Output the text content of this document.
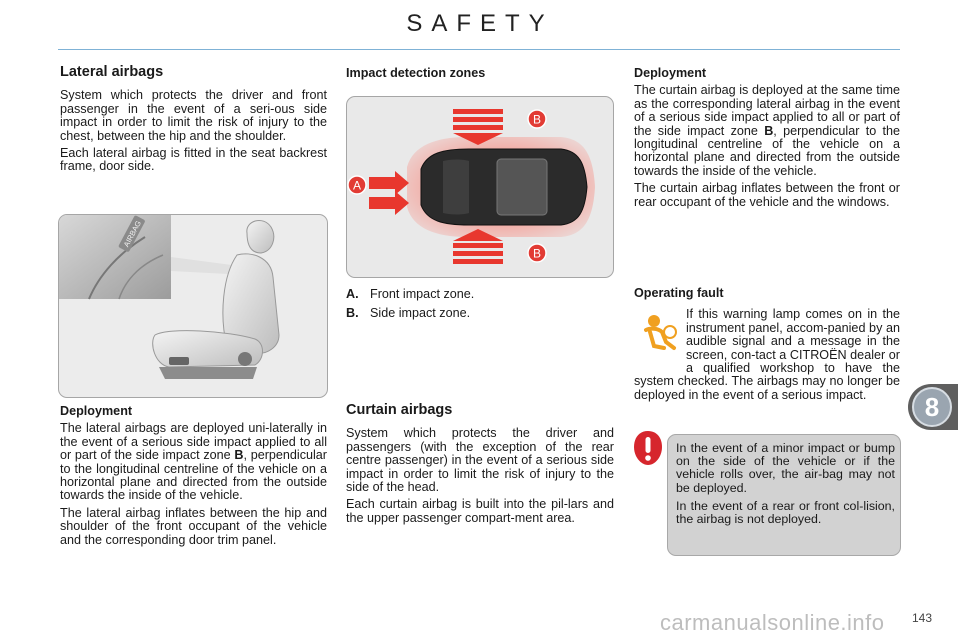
SAFETY
Lateral airbags

System which protects the driver and front passenger in the event of a seri-ous side impact in order to limit the risk of injury to the chest, between the hip and the shoulder.

Each lateral airbag is fitted in the seat backrest frame, door side.

AIRBAG
Deployment

The lateral airbags are deployed uni-laterally in the event of a serious side impact applied to all or part of the side impact zone B, perpendicular to the longitudinal centreline of the vehicle on a horizontal plane and directed from the outside towards the inside of the vehicle.

The lateral airbag inflates between the hip and shoulder of the front occupant of the vehicle and the corresponding door trim panel.

Impact detection zones
A
B
B
A. Front impact zone.
B. Side impact zone.
Curtain airbags

System which protects the driver and passengers (with the exception of the rear centre passenger) in the event of a serious side impact in order to limit the risk of injury to the side of the head.

Each curtain airbag is built into the pil-lars and the upper passenger compart-ment area.

Deployment

The curtain airbag is deployed at the same time as the corresponding lateral airbag in the event of a serious side impact applied to all or part of the side impact zone B, perpendicular to the longitudinal centreline of the vehicle on a horizontal plane and directed from the outside towards the inside of the vehicle.

The curtain airbag inflates between the front or rear occupant of the vehicle and the windows.

Operating fault

If this warning lamp comes on in the instrument panel, accom-panied by an audible signal and a message in the screen, con-tact a CITROËN dealer or a qualified workshop to have the system checked. The airbags may no longer be deployed in the event of a serious impact.

In the event of a minor impact or bump on the side of the vehicle or if the vehicle rolls over, the air-bag may not be deployed.

In the event of a rear or front col-lision, the airbag is not deployed.

8
carmanualsonline.info 143
